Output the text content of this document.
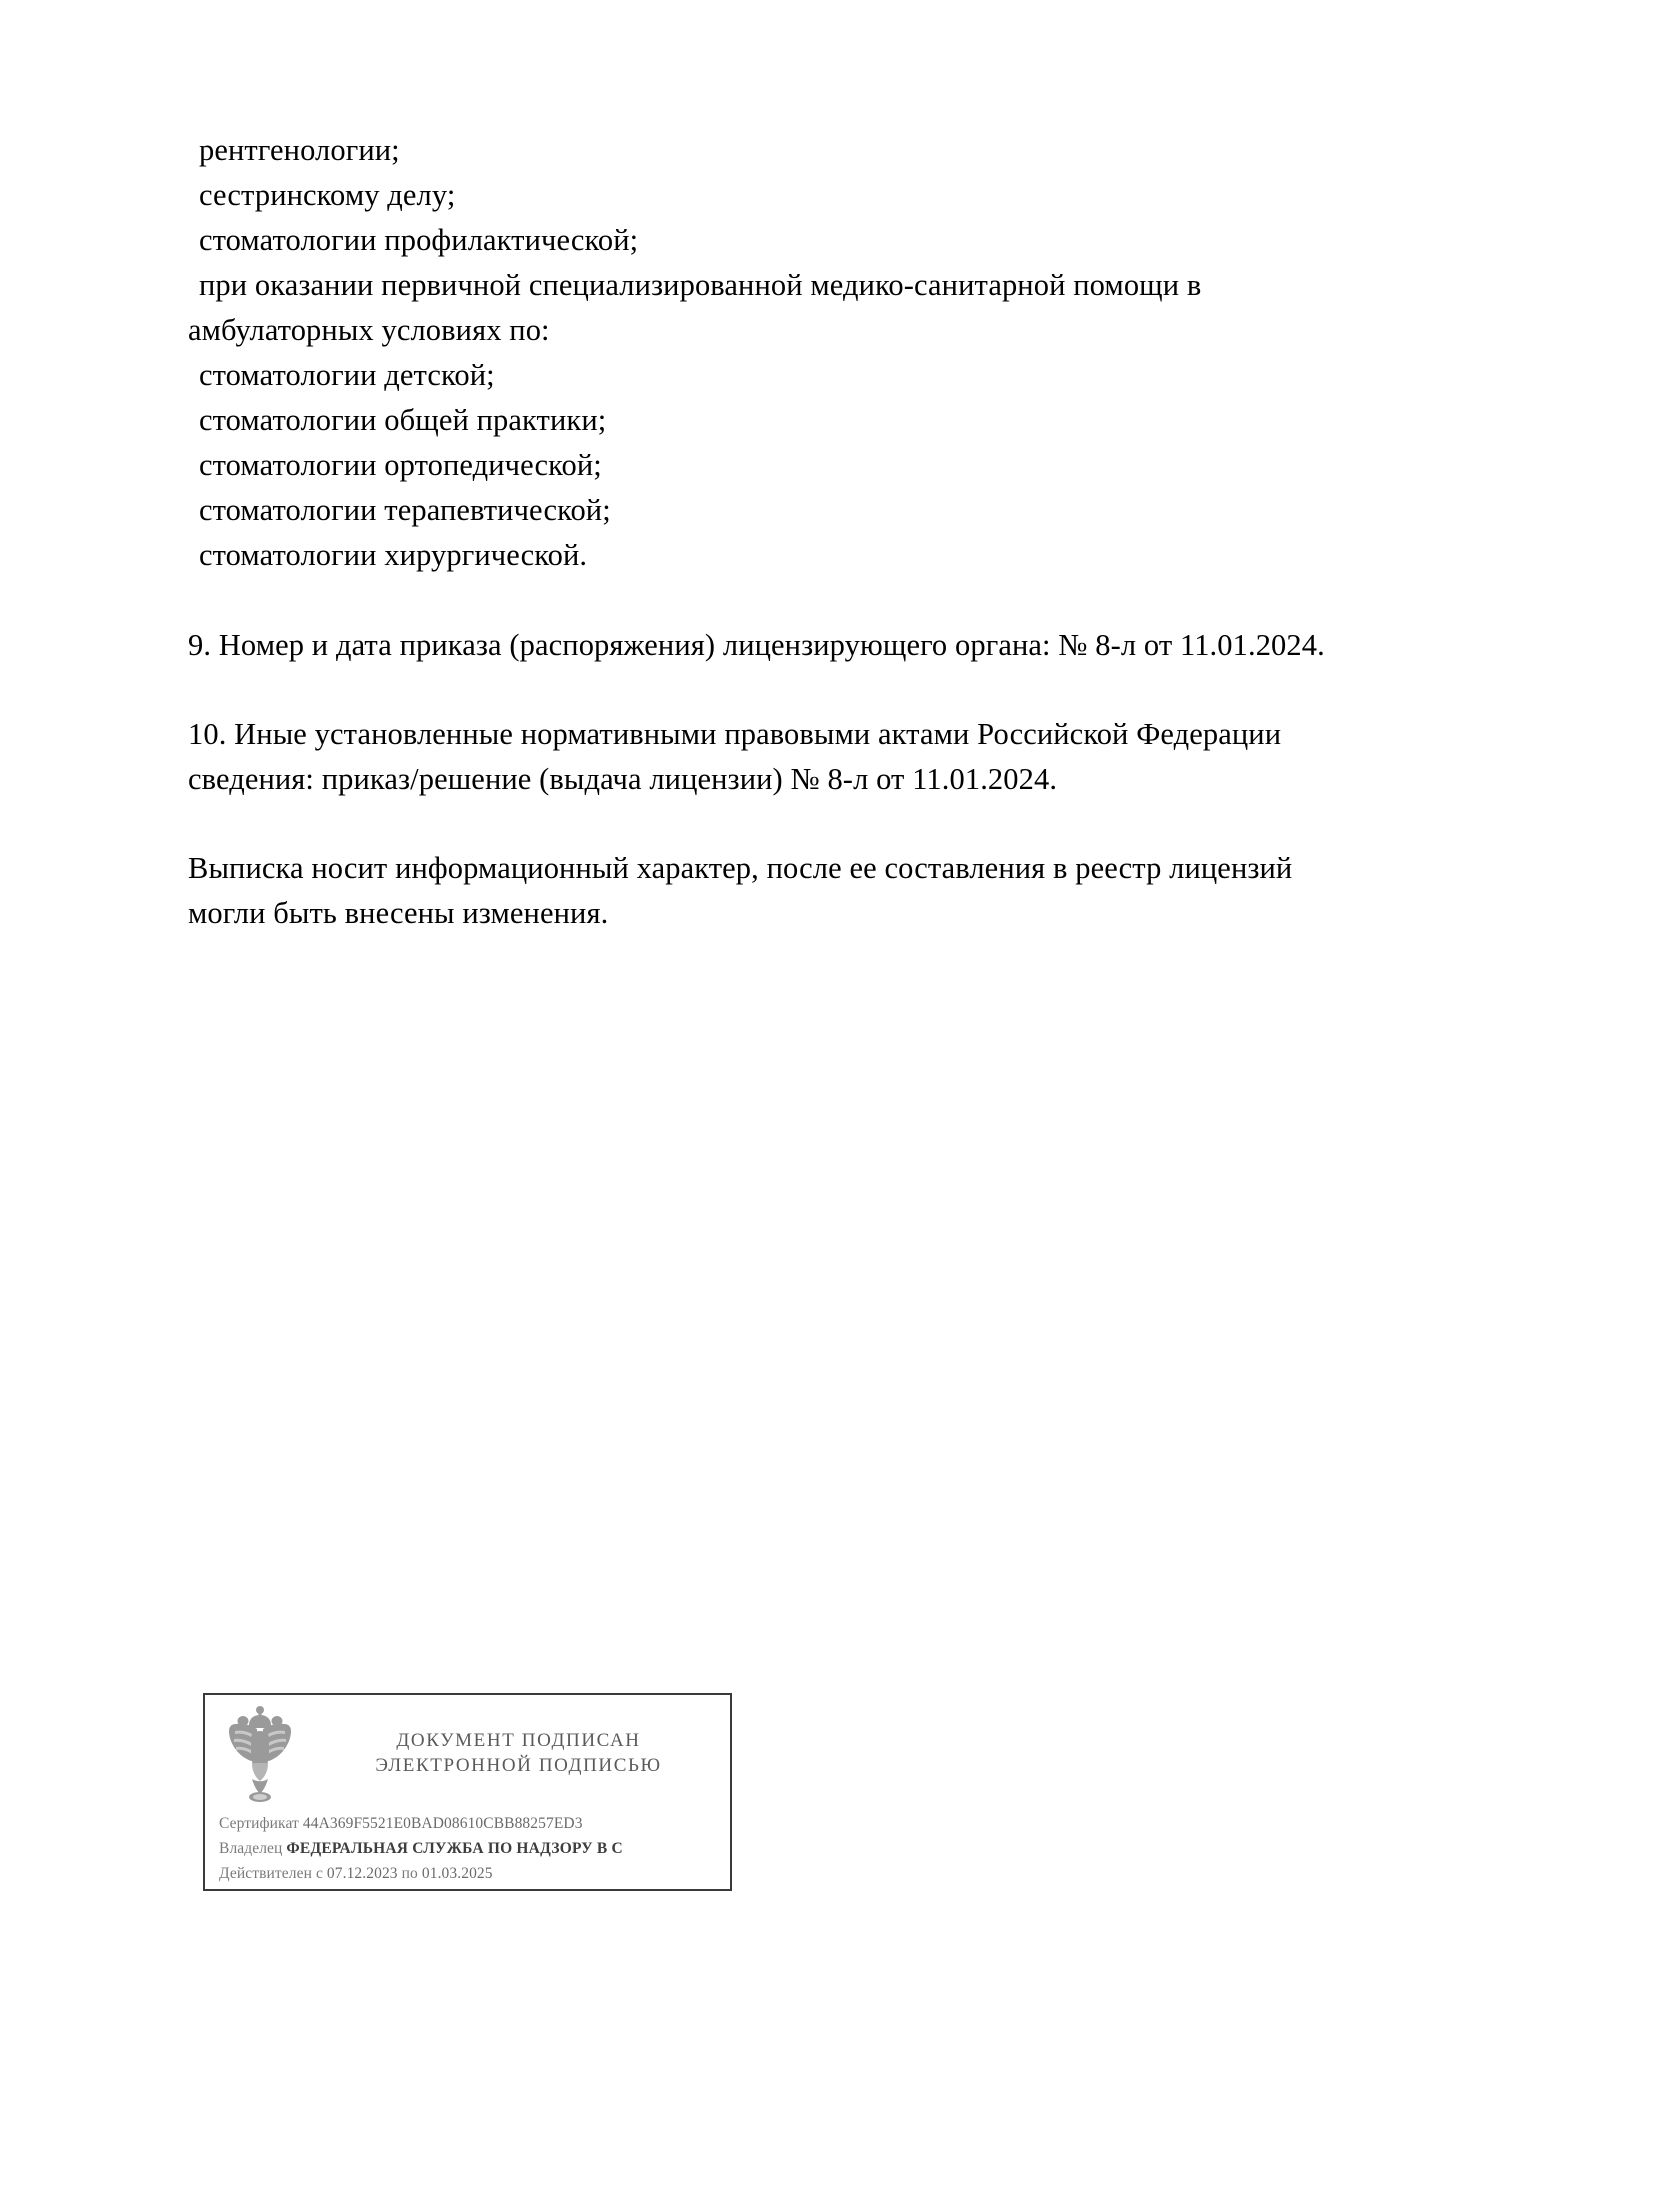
рентгенологии;
сестринскому делу;
стоматологии профилактической;
при оказании первичной специализированной медико-санитарной помощи в
амбулаторных условиях по:
стоматологии детской;
стоматологии общей практики;
стоматологии ортопедической;
стоматологии терапевтической;
стоматологии хирургической.
9. Номер и дата приказа (распоряжения) лицензирующего органа: № 8-л от 11.01.2024.
10. Иные установленные нормативными правовыми актами Российской Федерации
сведения: приказ/решение (выдача лицензии) № 8-л от 11.01.2024.
Выписка носит информационный характер, после ее составления в реестр лицензий
могли быть внесены изменения.
ДОКУМЕНТ ПОДПИСАН
ЭЛЕКТРОННОЙ ПОДПИСЬЮ
Сертификат 44A369F5521E0BAD08610CBB88257ED3
Владелец ФЕДЕРАЛЬНАЯ СЛУЖБА ПО НАДЗОРУ В С
Действителен с 07.12.2023 по 01.03.2025
